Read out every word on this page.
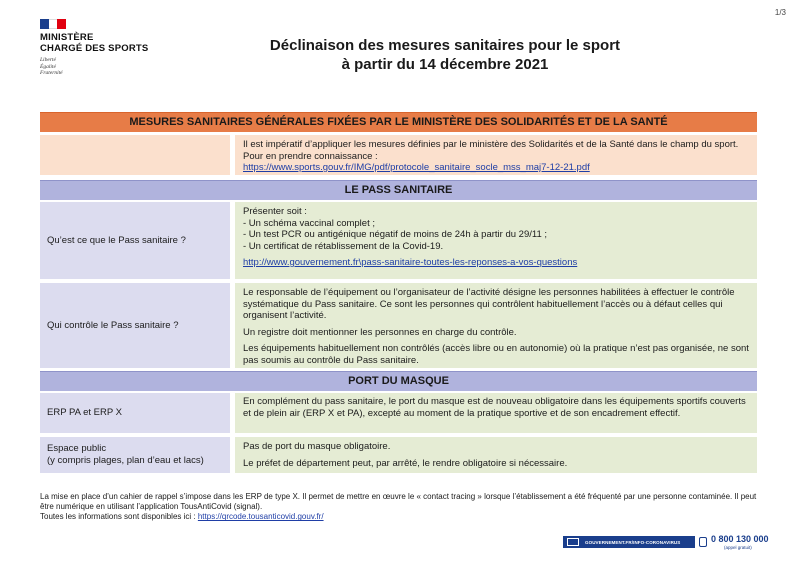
1/3
MINISTÈRE
CHARGÉ DES SPORTS
Liberté
Égalité
Fraternité
Déclinaison des mesures sanitaires pour le sport
à partir du 14 décembre 2021
MESURES SANITAIRES GÉNÉRALES FIXÉES PAR LE MINISTÈRE DES SOLIDARITÉS ET DE LA SANTÉ

Il est impératif d’appliquer les mesures définies par le ministère des Solidarités et de la Santé dans le champ du sport. Pour en prendre connaissance :

https://www.sports.gouv.fr/IMG/pdf/protocole_sanitaire_socle_mss_maj7-12-21.pdf

LE PASS SANITAIRE
Qu’est ce que le Pass sanitaire ?

Présenter soit :

- Un schéma vaccinal complet ;

- Un test PCR ou antigénique négatif de moins de 24h à partir du 29/11 ;

- Un certificat de rétablissement de la Covid-19.

http://www.gouvernement.fr\pass-sanitaire-toutes-les-reponses-a-vos-questions

Qui contrôle le Pass sanitaire ?

Le responsable de l’équipement ou l’organisateur de l’activité désigne les personnes habilitées à effectuer le contrôle systématique du Pass sanitaire. Ce sont les personnes qui contrôlent habituellement l’accès ou à défaut celles qui organisent l’activité.

Un registre doit mentionner les personnes en charge du contrôle.

Les équipements habituellement non contrôlés (accès libre ou en autonomie) où la pratique n’est pas organisée, ne sont pas soumis au contrôle du Pass sanitaire.

PORT DU MASQUE
ERP PA et ERP X
En complément du pass sanitaire, le port du masque est de nouveau obligatoire dans les équipements sportifs couverts et de plein air (ERP X et PA), excepté au moment de la pratique sportive et de son encadrement effectif.
Espace public
(y compris plages, plan d’eau et lacs)

Pas de port du masque obligatoire.

Le préfet de département peut, par arrêté, le rendre obligatoire si nécessaire.

La mise en place d’un cahier de rappel s’impose dans les ERP de type X. Il permet de mettre en œuvre le « contact tracing » lorsque l’établissement a été fréquenté par une personne contaminée. Il peut être numérique en utilisant l’application TousAntiCovid (signal).

Toutes les informations sont disponibles ici : https://qrcode.tousanticovid.gouv.fr/

GOUVERNEMENT.FR/INFO-CORONAVIRUS	0 800 130 000
(appel gratuit)
